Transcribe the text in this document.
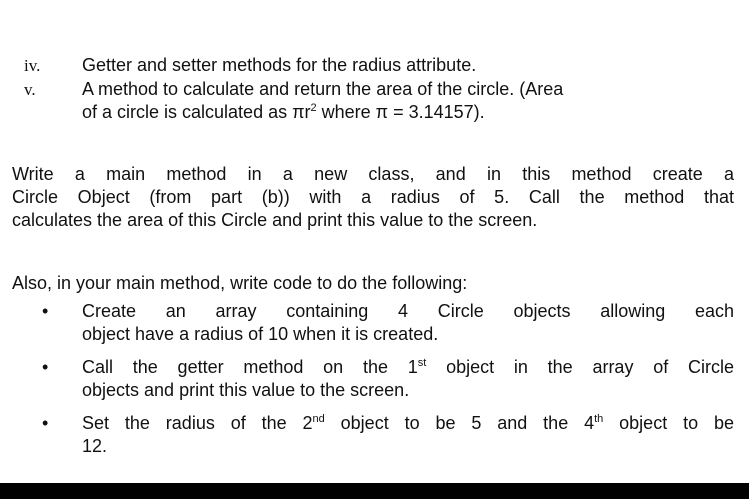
iv. Getter and setter methods for the radius attribute.
v.	A method to calculate and return the area of the circle. (Area
of a circle is calculated as $\pi r^2$ where π = 3.14157).
Write a main method in a new class, and in this method create a
Circle Object (from part (b)) with a radius of 5. Call the method that
calculates the area of this Circle and print this value to the screen.
Also, in your main method, write code to do the following:
• Create an array containing 4 Circle objects allowing each
object have a radius of 10 when it is created.
• Call the getter method on the 1st object in the array of Circle
objects and print this value to the screen.
• Set the radius of the 2nd object to be 5 and the 4th object to be
12.
